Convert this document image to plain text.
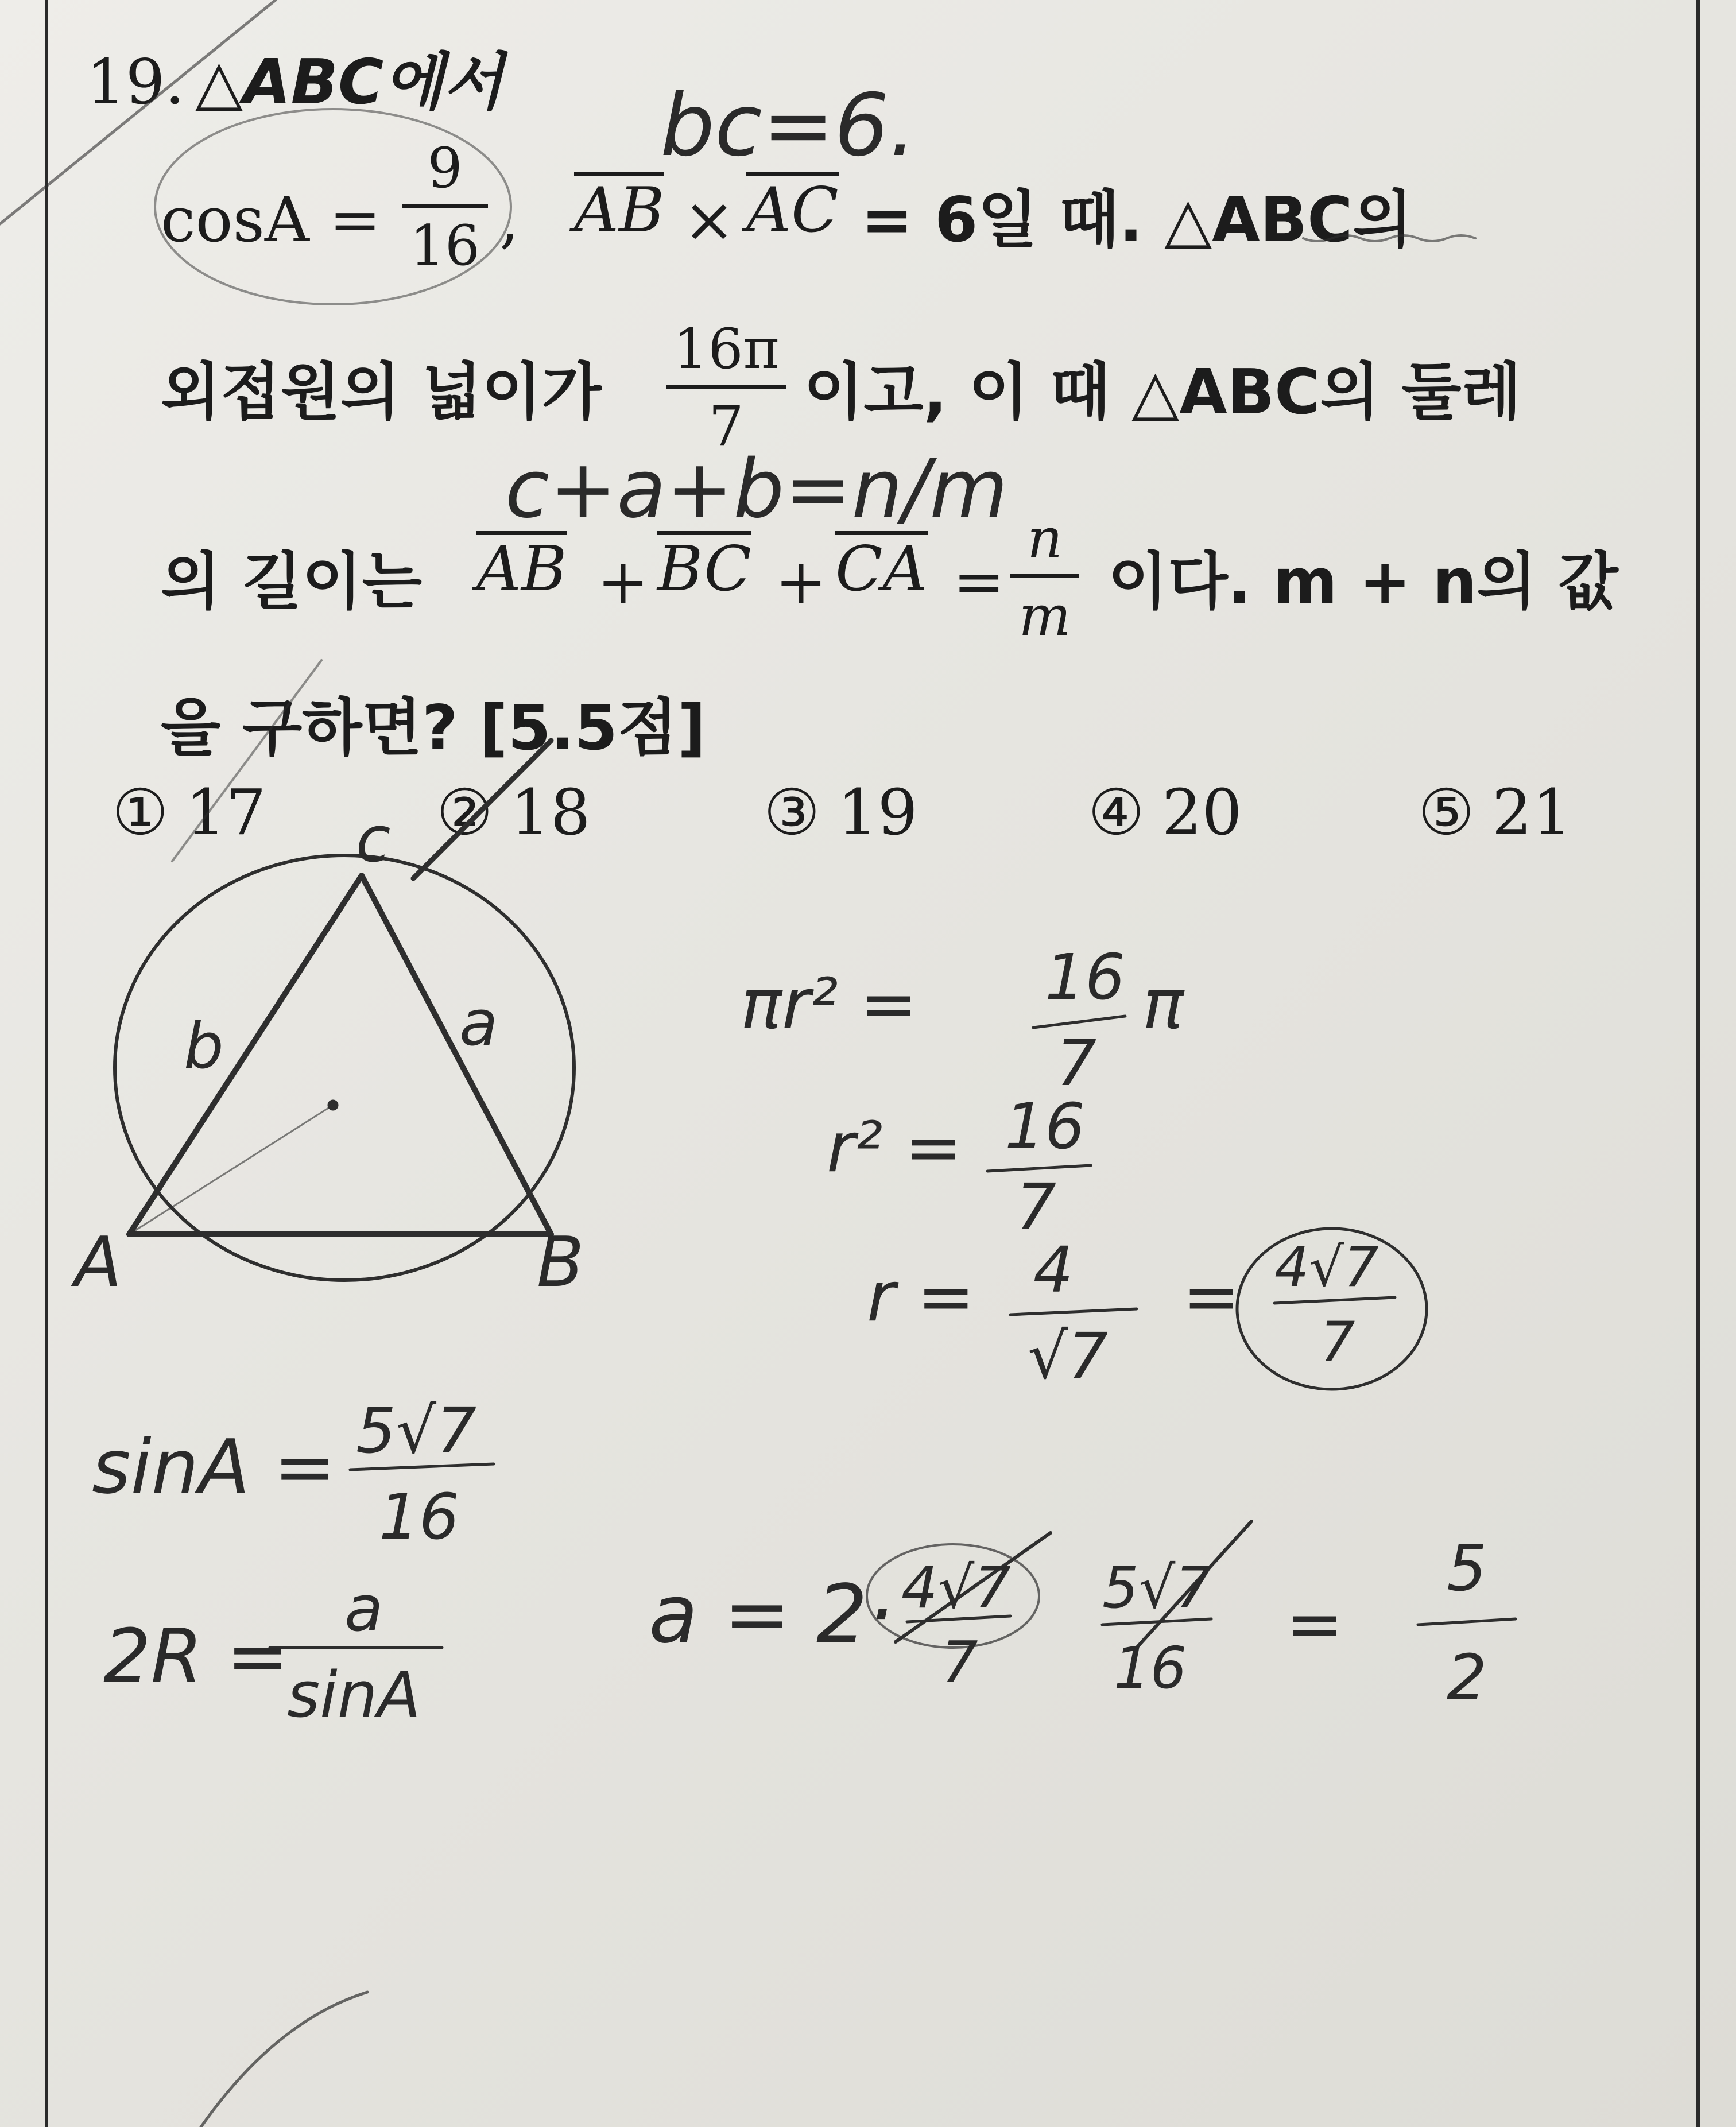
19. △ABC에서
cosA =
9
16 , AB × AC = 6일 때. △ABC의
외접원의 넓이가
16π
7 이고, 이 때 △ABC의 둘레
의 길이는 AB + BC + CA =
n
m 이다. m + n의 값
을 구하면? [5.5점]
① 17	② 18	③ 19	④ 20	⑤ 21
bc=6.
c+a+b=n/m
c
A	B
b	a	πr² = 16
7
π
r² = 16
7
r = 4
√7
= 4√7
7
sinA = 5√7
16
2R =
a
sinA
a = 2· 4√7
7
5√7
16
=
5
2
